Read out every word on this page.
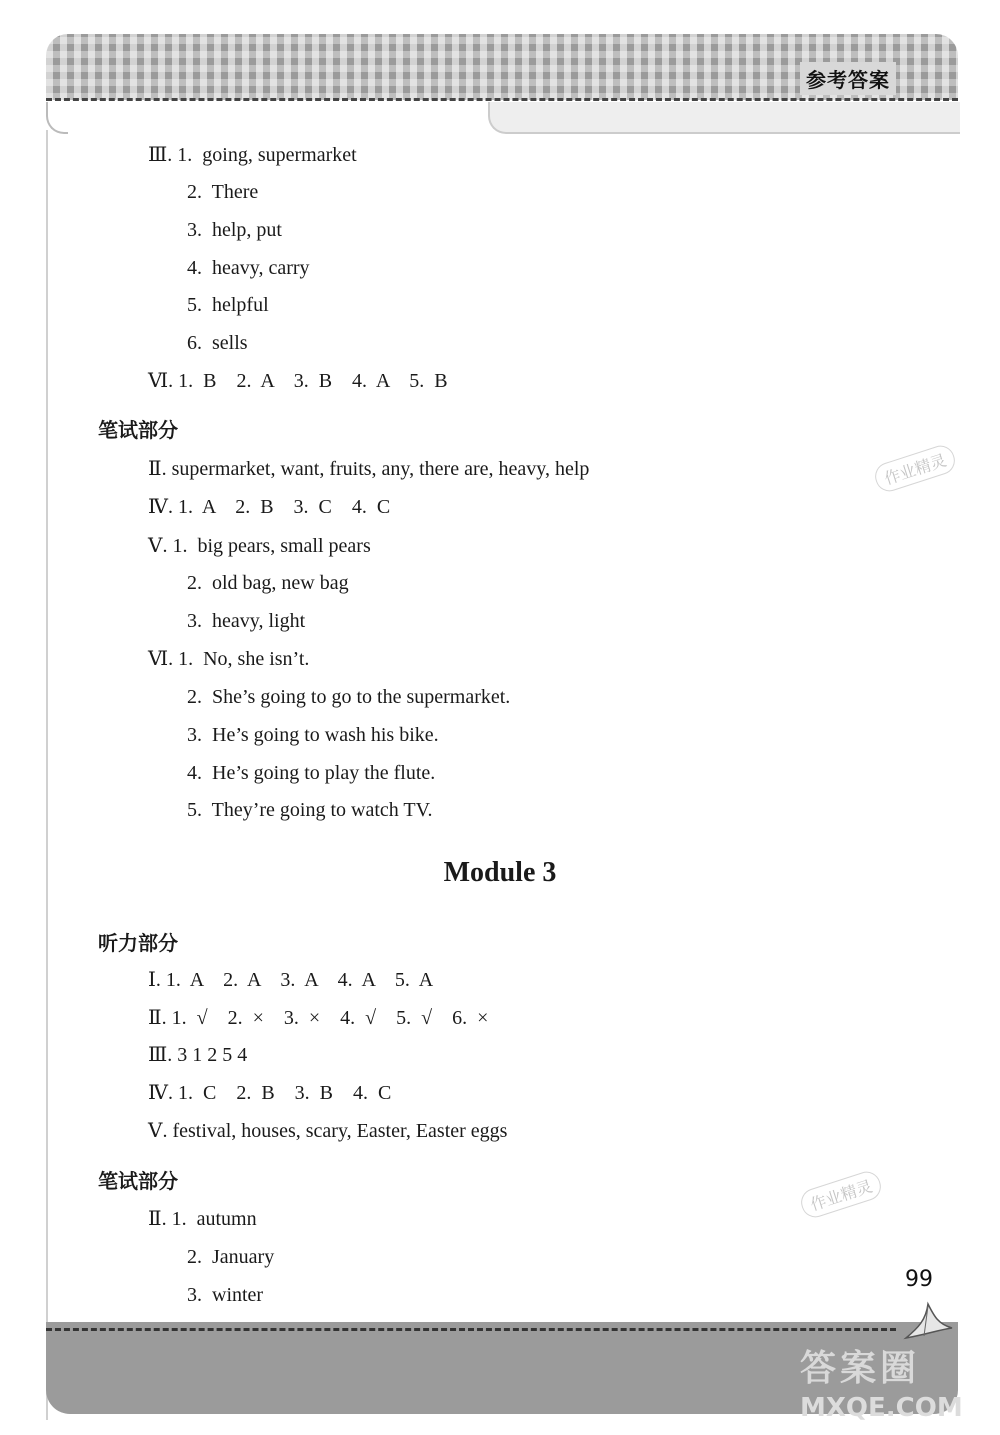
参考答案
Ⅲ. 1.  going, supermarket
2.  There
3.  help, put
4.  heavy, carry
5.  helpful
6.  sells
Ⅵ. 1.  B    2.  A    3.  B    4.  A    5.  B
笔试部分
Ⅱ. supermarket, want, fruits, any, there are, heavy, help
Ⅳ. 1.  A    2.  B    3.  C    4.  C
Ⅴ. 1.  big pears, small pears
2.  old bag, new bag
3.  heavy, light
Ⅵ. 1.  No, she isn’t.
2.  She’s going to go to the supermarket.
3.  He’s going to wash his bike.
4.  He’s going to play the flute.
5.  They’re going to watch TV.
Module 3
听力部分
Ⅰ. 1.  A    2.  A    3.  A    4.  A    5.  A
Ⅱ. 1.  √    2.  ×    3.  ×    4.  √    5.  √    6.  ×
Ⅲ. 3 1 2 5 4
Ⅳ. 1.  C    2.  B    3.  B    4.  C
Ⅴ. festival, houses, scary, Easter, Easter eggs
笔试部分
Ⅱ. 1.  autumn
2.  January
3.  winter
作业精灵
作业精灵
99
答案圈
MXQE.COM
